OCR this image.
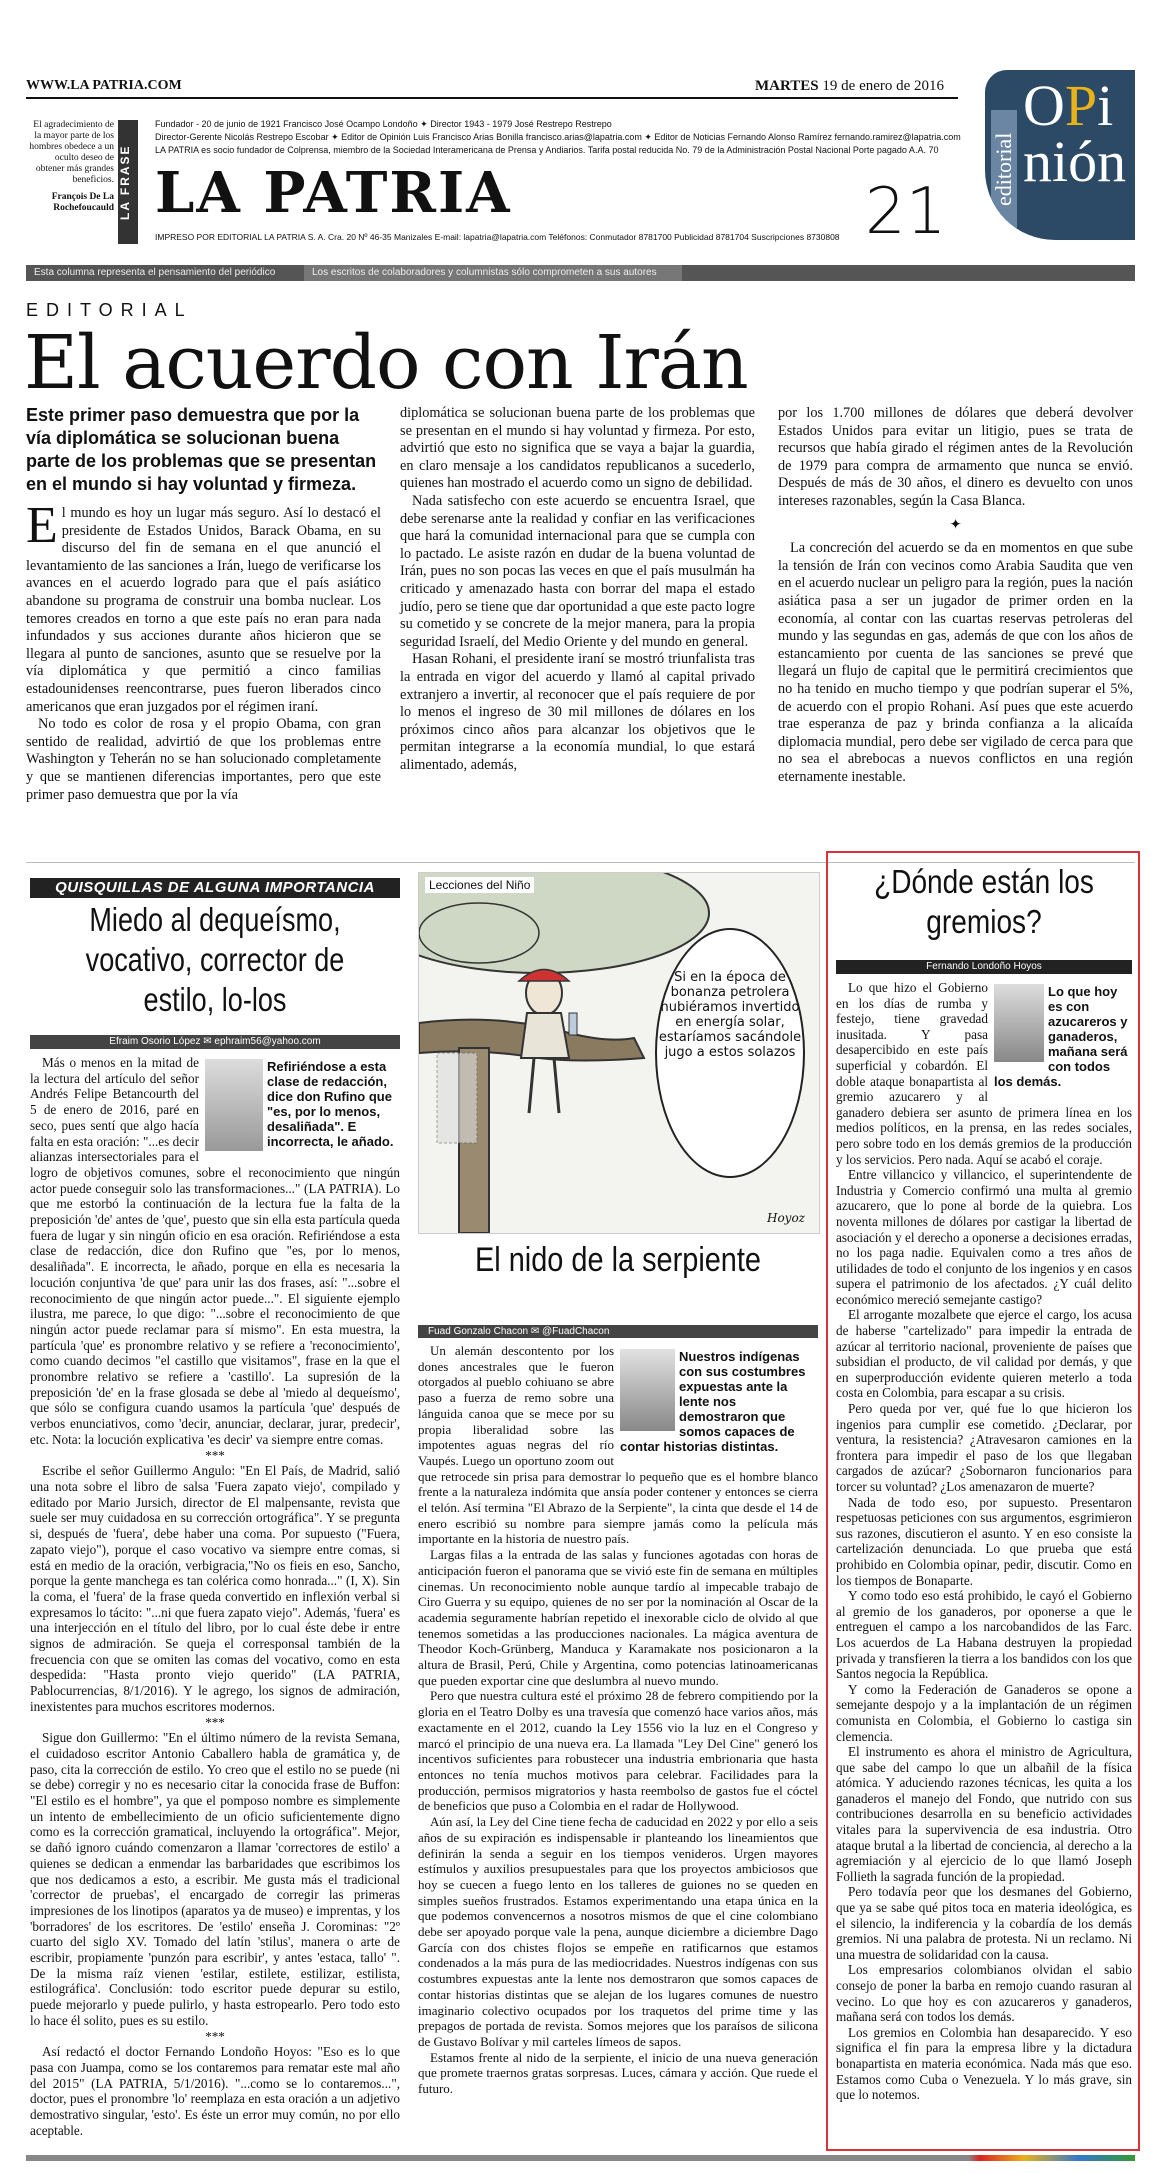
WWW.LA PATRIA.COM	MARTES 19 de enero de 2016
El agradecimiento de la mayor parte de los hombres obedece a un oculto deseo de obtener más grandes beneficios.
François De La Rochefoucauld LA FRASE
Fundador - 20 de junio de 1921 Francisco José Ocampo Londoño ✦ Director 1943 - 1979 José Restrepo Restrepo
Director-Gerente Nicolás Restrepo Escobar ✦ Editor de Opinión Luis Francisco Arias Bonilla francisco.arias@lapatria.com ✦ Editor de Noticias Fernando Alonso Ramírez fernando.ramirez@lapatria.com
LA PATRIA es socio fundador de Colprensa, miembro de la Sociedad Interamericana de Prensa y Andiarios. Tarifa postal reducida No. 79 de la Administración Postal Nacional Porte pagado A.A. 70
LA PATRIA	21
IMPRESO POR EDITORIAL LA PATRIA S. A. Cra. 20 Nº 46-35 Manizales E-mail: lapatria@lapatria.com Teléfonos: Conmutador 8781700 Publicidad 8781704 Suscripciones 8730808
editorial
OPi
nión
Esta columna representa el pensamiento del periódico	Los escritos de colaboradores y columnistas sólo comprometen a sus autores
EDITORIAL
El acuerdo con Irán
Este primer paso demuestra que por la vía diplomática se solucionan buena parte de los problemas que se presentan en el mundo si hay voluntad y firmeza.

El mundo es hoy un lugar más seguro. Así lo destacó el presidente de Estados Unidos, Barack Obama, en su discurso del fin de semana en el que anunció el levantamiento de las sanciones a Irán, luego de verificarse los avances en el acuerdo logrado para que el país asiático abandone su programa de construir una bomba nuclear. Los temores creados en torno a que este país no eran para nada infundados y sus acciones durante años hicieron que se llegara al punto de sanciones, asunto que se resuelve por la vía diplomática y que permitió a cinco familias estadounidenses reencontrarse, pues fueron liberados cinco americanos que eran juzgados por el régimen iraní.

No todo es color de rosa y el propio Obama, con gran sentido de realidad, advirtió de que los problemas entre Washington y Teherán no se han solucionado completamente y que se mantienen diferencias importantes, pero que este primer paso demuestra que por la vía

diplomática se solucionan buena parte de los problemas que se presentan en el mundo si hay voluntad y firmeza. Por esto, advirtió que esto no significa que se vaya a bajar la guardia, en claro mensaje a los candidatos republicanos a sucederlo, quienes han mostrado el acuerdo como un signo de debilidad.

Nada satisfecho con este acuerdo se encuentra Israel, que debe serenarse ante la realidad y confiar en las verificaciones que hará la comunidad internacional para que se cumpla con lo pactado. Le asiste razón en dudar de la buena voluntad de Irán, pues no son pocas las veces en que el país musulmán ha criticado y amenazado hasta con borrar del mapa el estado judío, pero se tiene que dar oportunidad a que este pacto logre su cometido y se concrete de la mejor manera, para la propia seguridad Israelí, del Medio Oriente y del mundo en general.

Hasan Rohani, el presidente iraní se mostró triunfalista tras la entrada en vigor del acuerdo y llamó al capital privado extranjero a invertir, al reconocer que el país requiere de por lo menos el ingreso de 30 mil millones de dólares en los próximos cinco años para alcanzar los objetivos que le permitan integrarse a la economía mundial, lo que estará alimentado, además,

por los 1.700 millones de dólares que deberá devolver Estados Unidos para evitar un litigio, pues se trata de recursos que había girado el régimen antes de la Revolución de 1979 para compra de armamento que nunca se envió. Después de más de 30 años, el dinero es devuelto con unos intereses razonables, según la Casa Blanca.

✦

La concreción del acuerdo se da en momentos en que sube la tensión de Irán con vecinos como Arabia Saudita que ven en el acuerdo nuclear un peligro para la región, pues la nación asiática pasa a ser un jugador de primer orden en la economía, al contar con las cuartas reservas petroleras del mundo y las segundas en gas, además de que con los años de estancamiento por cuenta de las sanciones se prevé que llegará un flujo de capital que le permitirá crecimientos que no ha tenido en mucho tiempo y que podrían superar el 5%, de acuerdo con el propio Rohani. Así pues que este acuerdo trae esperanza de paz y brinda confianza a la alicaída diplomacia mundial, pero debe ser vigilado de cerca para que no sea el abrebocas a nuevos conflictos en una región eternamente inestable.

QUISQUILLAS DE ALGUNA IMPORTANCIA
Miedo al dequeísmo, vocativo, corrector de estilo, lo-los
Efraim Osorio López ✉ ephraim56@yahoo.com
Refiriéndose a esta clase de redacción, dice don Rufino que "es, por lo menos, desaliñada". E incorrecta, le añado.

Más o menos en la mitad de la lectura del artículo del señor Andrés Felipe Betancourth del 5 de enero de 2016, paré en seco, pues sentí que algo hacía falta en esta oración: "...es decir alianzas intersectoriales para el logro de objetivos comunes, sobre el reconocimiento que ningún actor puede conseguir solo las transformaciones..." (LA PATRIA). Lo que me estorbó la continuación de la lectura fue la falta de la preposición 'de' antes de 'que', puesto que sin ella esta partícula queda fuera de lugar y sin ningún oficio en esa oración. Refiriéndose a esta clase de redacción, dice don Rufino que "es, por lo menos, desaliñada". E incorrecta, le añado, porque en ella es necesaria la locución conjuntiva 'de que' para unir las dos frases, así: "...sobre el reconocimiento de que ningún actor puede...". El siguiente ejemplo ilustra, me parece, lo que digo: "...sobre el reconocimiento de que ningún actor puede reclamar para sí mismo". En esta muestra, la partícula 'que' es pronombre relativo y se refiere a 'reconocimiento', como cuando decimos "el castillo que visitamos", frase en la que el pronombre relativo se refiere a 'castillo'. La supresión de la preposición 'de' en la frase glosada se debe al 'miedo al dequeísmo', que sólo se configura cuando usamos la partícula 'que' después de verbos enunciativos, como 'decir, anunciar, declarar, jurar, predecir', etc. Nota: la locución explicativa 'es decir' va siempre entre comas.

***

Escribe el señor Guillermo Angulo: "En El País, de Madrid, salió una nota sobre el libro de salsa 'Fuera zapato viejo', compilado y editado por Mario Jursich, director de El malpensante, revista que suele ser muy cuidadosa en su corrección ortográfica". Y se pregunta si, después de 'fuera', debe haber una coma. Por supuesto ("Fuera, zapato viejo"), porque el caso vocativo va siempre entre comas, si está en medio de la oración, verbigracia,"No os fieis en eso, Sancho, porque la gente manchega es tan colérica como honrada..." (I, X). Sin la coma, el 'fuera' de la frase queda convertido en inflexión verbal si expresamos lo tácito: "...ni que fuera zapato viejo". Además, 'fuera' es una interjección en el título del libro, por lo cual éste debe ir entre signos de admiración. Se queja el corresponsal también de la frecuencia con que se omiten las comas del vocativo, como en esta despedida: "Hasta pronto viejo querido" (LA PATRIA, Pablocurrencias, 8/1/2016). Y le agrego, los signos de admiración, inexistentes para muchos escritores modernos.

***

Sigue don Guillermo: "En el último número de la revista Semana, el cuidadoso escritor Antonio Caballero habla de gramática y, de paso, cita la corrección de estilo. Yo creo que el estilo no se puede (ni se debe) corregir y no es necesario citar la conocida frase de Buffon: "El estilo es el hombre", ya que el pomposo nombre es simplemente un intento de embellecimiento de un oficio suficientemente digno como es la corrección gramatical, incluyendo la ortográfica". Mejor, se dañó ignoro cuándo comenzaron a llamar 'correctores de estilo' a quienes se dedican a enmendar las barbaridades que escribimos los que nos dedicamos a esto, a escribir. Me gusta más el tradicional 'corrector de pruebas', el encargado de corregir las primeras impresiones de los linotipos (aparatos ya de museo) e imprentas, y los 'borradores' de los escritores. De 'estilo' enseña J. Corominas: "2º cuarto del siglo XV. Tomado del latín 'stilus', manera o arte de escribir, propiamente 'punzón para escribir', y antes 'estaca, tallo' ". De la misma raíz vienen 'estilar, estilete, estilizar, estilista, estilográfica'. Conclusión: todo escritor puede depurar su estilo, puede mejorarlo y puede pulirlo, y hasta estropearlo. Pero todo esto lo hace él solito, pues es su estilo.

***

Así redactó el doctor Fernando Londoño Hoyos: "Eso es lo que pasa con Juampa, como se los contaremos para rematar este mal año del 2015" (LA PATRIA, 5/1/2016). "...como se lo contaremos...", doctor, pues el pronombre 'lo' reemplaza en esta oración a un adjetivo demostrativo singular, 'esto'. Es éste un error muy común, no por ello aceptable.

Lecciones del Niño
Si en la época de bonanza petrolera hubiéramos invertido en energía solar, estaríamos sacándole jugo a estos solazos
Hoyoz
El nido de la serpiente
Fuad Gonzalo Chacon ✉ @FuadChacon
Nuestros indígenas con sus costumbres expuestas ante la lente nos demostraron que somos capaces de contar historias distintas.

Un alemán descontento por los dones ancestrales que le fueron otorgados al pueblo cohiuano se abre paso a fuerza de remo sobre una lánguida canoa que se mece por su propia liberalidad sobre las impotentes aguas negras del río Vaupés. Luego un oportuno zoom out que retrocede sin prisa para demostrar lo pequeño que es el hombre blanco frente a la naturaleza indómita que ansía poder contener y entonces se cierra el telón. Así termina "El Abrazo de la Serpiente", la cinta que desde el 14 de enero escribió su nombre para siempre jamás como la película más importante en la historia de nuestro país.

Largas filas a la entrada de las salas y funciones agotadas con horas de anticipación fueron el panorama que se vivió este fin de semana en múltiples cinemas. Un reconocimiento noble aunque tardío al impecable trabajo de Ciro Guerra y su equipo, quienes de no ser por la nominación al Oscar de la academia seguramente habrían repetido el inexorable ciclo de olvido al que tenemos sometidas a las producciones nacionales. La mágica aventura de Theodor Koch-Grünberg, Manduca y Karamakate nos posicionaron a la altura de Brasil, Perú, Chile y Argentina, como potencias latinoamericanas que pueden exportar cine que deslumbra al nuevo mundo.

Pero que nuestra cultura esté el próximo 28 de febrero compitiendo por la gloria en el Teatro Dolby es una travesía que comenzó hace varios años, más exactamente en el 2012, cuando la Ley 1556 vio la luz en el Congreso y marcó el principio de una nueva era. La llamada "Ley Del Cine" generó los incentivos suficientes para robustecer una industria embrionaria que hasta entonces no tenía muchos motivos para celebrar. Facilidades para la producción, permisos migratorios y hasta reembolso de gastos fue el cóctel de beneficios que puso a Colombia en el radar de Hollywood.

Aún así, la Ley del Cine tiene fecha de caducidad en 2022 y por ello a seis años de su expiración es indispensable ir planteando los lineamientos que definirán la senda a seguir en los tiempos venideros. Urgen mayores estímulos y auxilios presupuestales para que los proyectos ambiciosos que hoy se cuecen a fuego lento en los talleres de guiones no se queden en simples sueños frustrados. Estamos experimentando una etapa única en la que podemos convencernos a nosotros mismos de que el cine colombiano debe ser apoyado porque vale la pena, aunque diciembre a diciembre Dago García con dos chistes flojos se empeñe en ratificarnos que estamos condenados a la más pura de las mediocridades. Nuestros indígenas con sus costumbres expuestas ante la lente nos demostraron que somos capaces de contar historias distintas que se alejan de los lugares comunes de nuestro imaginario colectivo ocupados por los traquetos del prime time y las prepagos de portada de revista. Somos mejores que los paraísos de silicona de Gustavo Bolívar y mil carteles límeos de sapos.

Estamos frente al nido de la serpiente, el inicio de una nueva generación que promete traernos gratas sorpresas. Luces, cámara y acción. Que ruede el futuro.

¿Dónde están los gremios?
Fernando Londoño Hoyos
Lo que hoy es con azucareros y ganaderos, mañana será con todos los demás.

Lo que hizo el Gobierno en los días de rumba y festejo, tiene gravedad inusitada. Y pasa desapercibido en este país superficial y cobardón. El doble ataque bonapartista al gremio azucarero y al ganadero debiera ser asunto de primera línea en los medios políticos, en la prensa, en las redes sociales, pero sobre todo en los demás gremios de la producción y los servicios. Pero nada. Aquí se acabó el coraje.

Entre villancico y villancico, el superintendente de Industria y Comercio confirmó una multa al gremio azucarero, que lo pone al borde de la quiebra. Los noventa millones de dólares por castigar la libertad de asociación y el derecho a oponerse a decisiones erradas, no los paga nadie. Equivalen como a tres años de utilidades de todo el conjunto de los ingenios y en casos supera el patrimonio de los afectados. ¿Y cuál delito económico mereció semejante castigo?

El arrogante mozalbete que ejerce el cargo, los acusa de haberse "cartelizado" para impedir la entrada de azúcar al territorio nacional, proveniente de países que subsidian el producto, de vil calidad por demás, y que en superproducción evidente quieren meterlo a toda costa en Colombia, para escapar a su crisis.

Pero queda por ver, qué fue lo que hicieron los ingenios para cumplir ese cometido. ¿Declarar, por ventura, la resistencia? ¿Atravesaron camiones en la frontera para impedir el paso de los que llegaban cargados de azúcar? ¿Sobornaron funcionarios para torcer su voluntad? ¿Los amenazaron de muerte?

Nada de todo eso, por supuesto. Presentaron respetuosas peticiones con sus argumentos, esgrimieron sus razones, discutieron el asunto. Y en eso consiste la cartelización denunciada. Lo que prueba que está prohibido en Colombia opinar, pedir, discutir. Como en los tiempos de Bonaparte.

Y como todo eso está prohibido, le cayó el Gobierno al gremio de los ganaderos, por oponerse a que le entreguen el campo a los narcobandidos de las Farc. Los acuerdos de La Habana destruyen la propiedad privada y transfieren la tierra a los bandidos con los que Santos negocia la República.

Y como la Federación de Ganaderos se opone a semejante despojo y a la implantación de un régimen comunista en Colombia, el Gobierno lo castiga sin clemencia.

El instrumento es ahora el ministro de Agricultura, que sabe del campo lo que un albañil de la física atómica. Y aduciendo razones técnicas, les quita a los ganaderos el manejo del Fondo, que nutrido con sus contribuciones desarrolla en su beneficio actividades vitales para la supervivencia de esa industria. Otro ataque brutal a la libertad de conciencia, al derecho a la agremiación y al ejercicio de lo que llamó Joseph Follieth la sagrada función de la propiedad.

Pero todavía peor que los desmanes del Gobierno, que ya se sabe qué pitos toca en materia ideológica, es el silencio, la indiferencia y la cobardía de los demás gremios. Ni una palabra de protesta. Ni un reclamo. Ni una muestra de solidaridad con la causa.

Los empresarios colombianos olvidan el sabio consejo de poner la barba en remojo cuando rasuran al vecino. Lo que hoy es con azucareros y ganaderos, mañana será con todos los demás.

Los gremios en Colombia han desaparecido. Y eso significa el fin para la empresa libre y la dictadura bonapartista en materia económica. Nada más que eso. Estamos como Cuba o Venezuela. Y lo más grave, sin que lo notemos.
